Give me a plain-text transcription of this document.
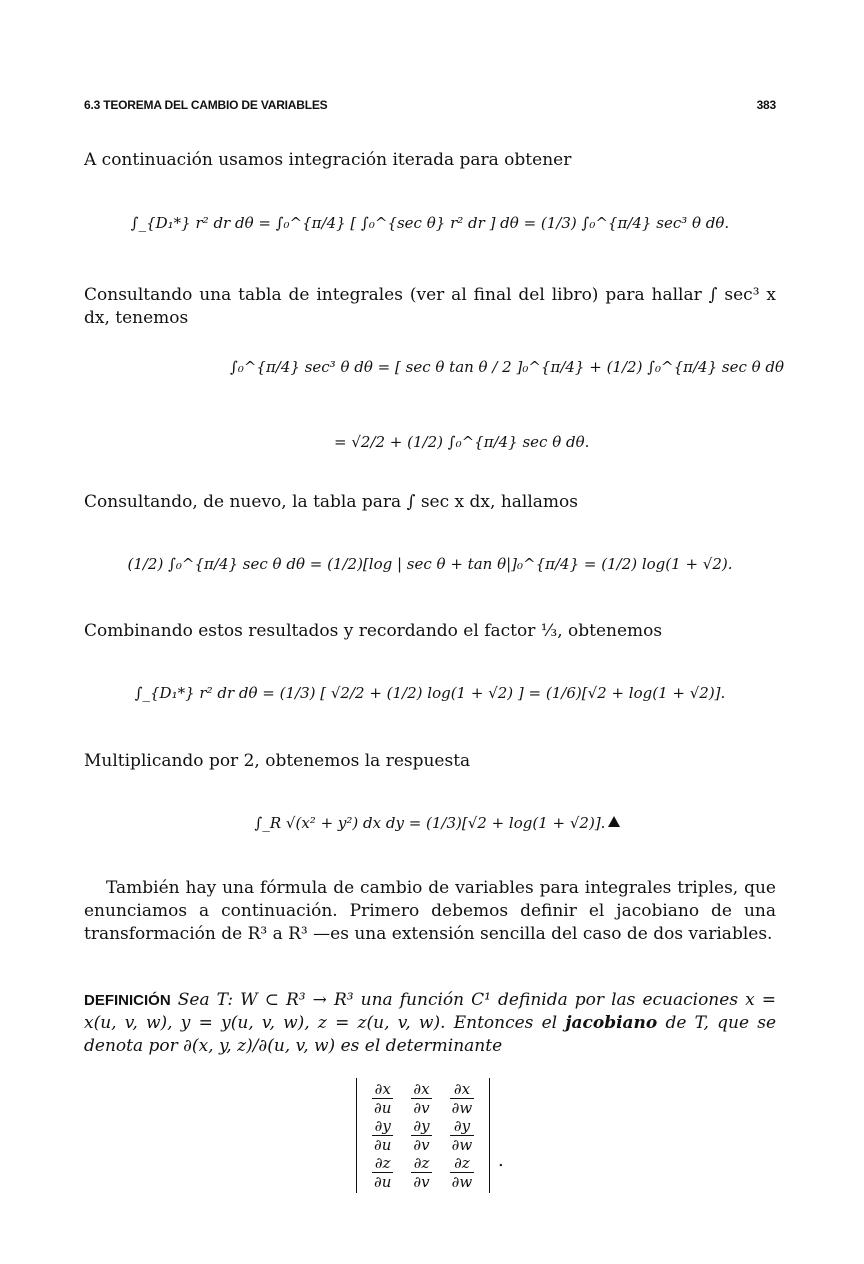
6.3 TEOREMA DEL CAMBIO DE VARIABLES	383
A continuación usamos integración iterada para obtener
∫_{D₁*} r² dr dθ = ∫₀^{π/4} [ ∫₀^{sec θ} r² dr ] dθ = (1/3) ∫₀^{π/4} sec³ θ dθ.
Consultando una tabla de integrales (ver al final del libro) para hallar ∫ sec³ x dx, tenemos
∫₀^{π/4} sec³ θ dθ = [ sec θ tan θ / 2 ]₀^{π/4} + (1/2) ∫₀^{π/4} sec θ dθ
= √2/2 + (1/2) ∫₀^{π/4} sec θ dθ.
Consultando, de nuevo, la tabla para ∫ sec x dx, hallamos
(1/2) ∫₀^{π/4} sec θ dθ = (1/2)[log | sec θ + tan θ|]₀^{π/4} = (1/2) log(1 + √2).
Combinando estos resultados y recordando el factor ⅓, obtenemos
∫_{D₁*} r² dr dθ = (1/3) [ √2/2 + (1/2) log(1 + √2) ] = (1/6)[√2 + log(1 + √2)].
Multiplicando por 2, obtenemos la respuesta
∫_R √(x² + y²) dx dy = (1/3)[√2 + log(1 + √2)].
También hay una fórmula de cambio de variables para integrales triples, que enunciamos a continuación. Primero debemos definir el jacobiano de una transformación de R³ a R³ —es una extensión sencilla del caso de dos variables.
DEFINICIÓN Sea T: W ⊂ R³ → R³ una función C¹ definida por las ecuaciones x = x(u, v, w), y = y(u, v, w), z = z(u, v, w). Entonces el jacobiano de T, que se denota por ∂(x, y, z)/∂(u, v, w) es el determinante
$\frac{\partial x}{\partial u}$	$\frac{\partial x}{\partial v}$	$\frac{\partial x}{\partial w}$

$\frac{\partial y}{\partial u}$	$\frac{\partial y}{\partial v}$	$\frac{\partial y}{\partial w}$

$\frac{\partial z}{\partial u}$	$\frac{\partial z}{\partial v}$	$\frac{\partial z}{\partial w}$ .
